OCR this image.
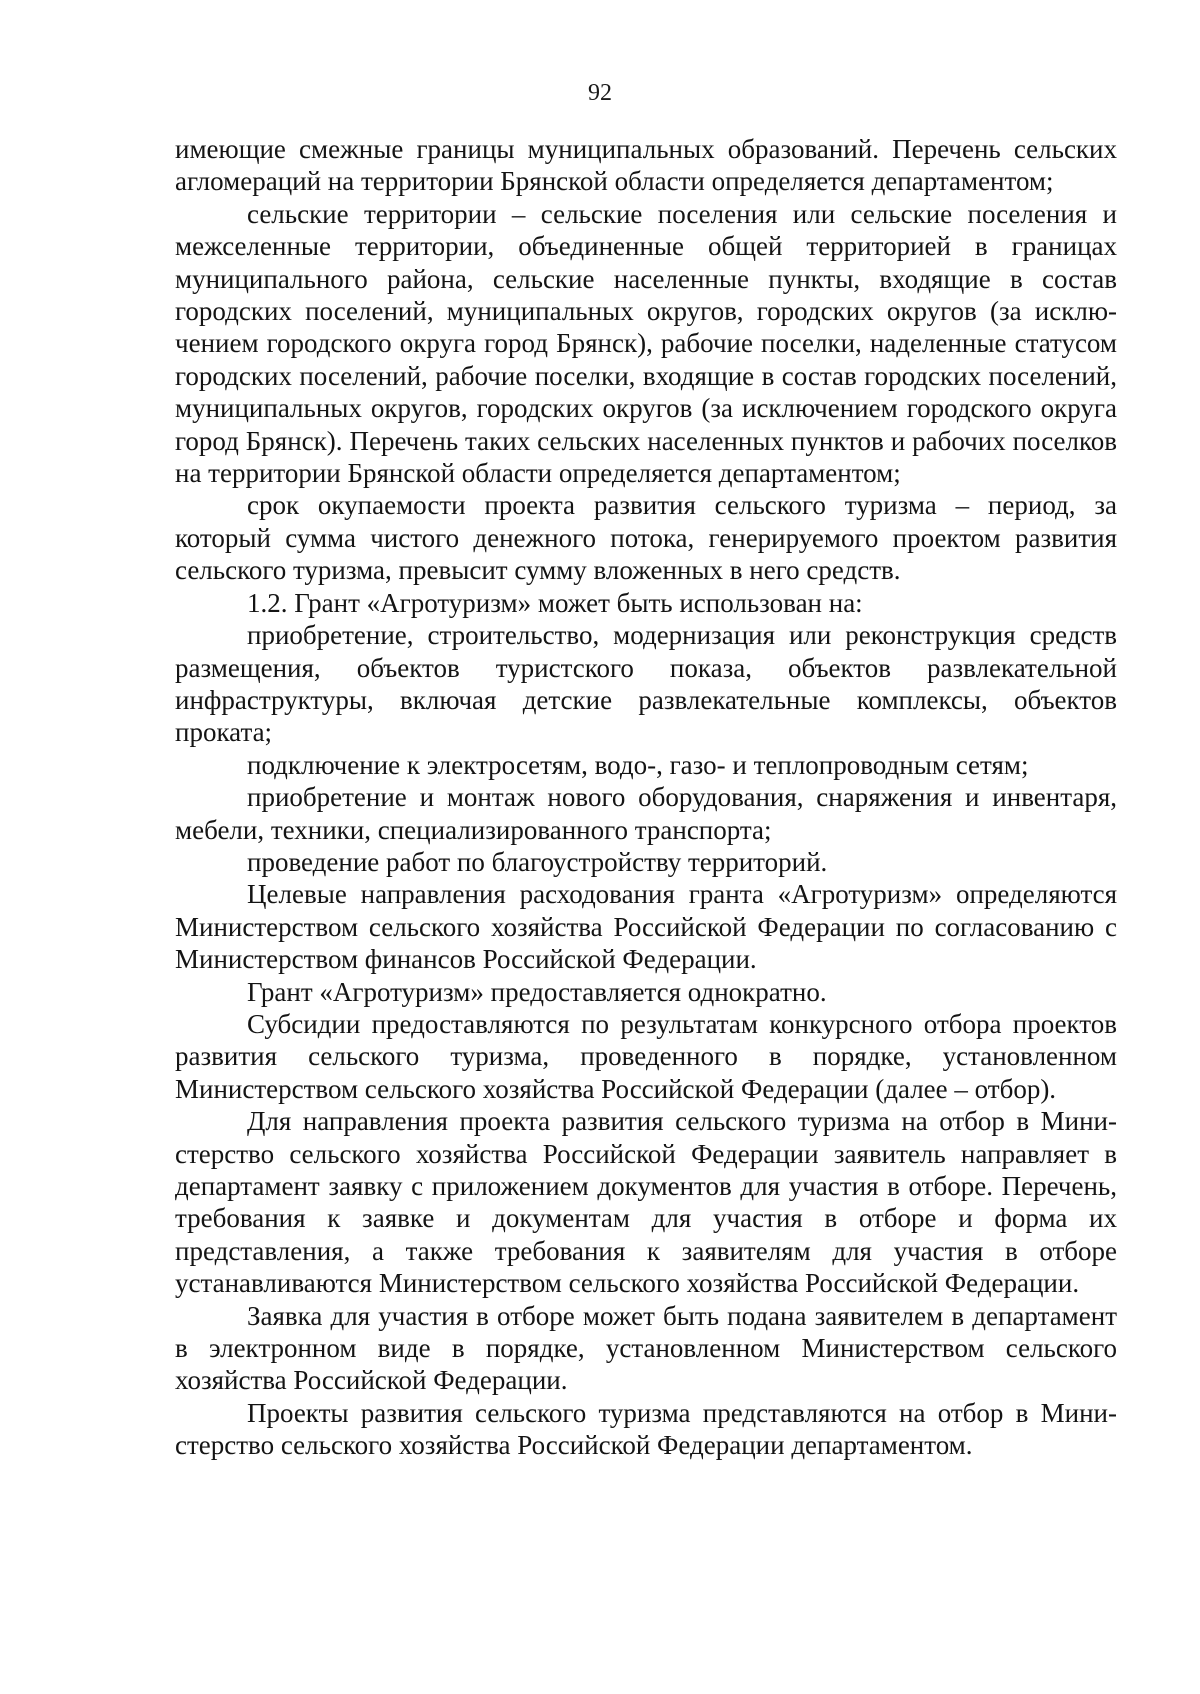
92

имеющие смежные границы муниципальных образований. Перечень сельских агломераций на территории Брянской области определяется департаментом;

сельские территории – сельские поселения или сельские поселения и межселенные территории, объединенные общей территорией в границах муниципального района, сельские населенные пункты, входящие в состав городских поселений, муниципальных округов, городских округов (за исключением городского округа город Брянск), рабочие поселки, наделенные статусом городских поселений, рабочие поселки, входящие в состав городских поселений, муниципальных округов, городских округов (за исключением городского округа город Брянск). Перечень таких сельских населенных пунктов и рабочих поселков на территории Брянской области определяется департаментом;

срок окупаемости проекта развития сельского туризма – период, за который сумма чистого денежного потока, генерируемого проектом развития сельского туризма, превысит сумму вложенных в него средств.

1.2. Грант «Агротуризм» может быть использован на:

приобретение, строительство, модернизация или реконструкция средств размещения, объектов туристского показа, объектов развлекательной инфраструктуры, включая детские развлекательные комплексы, объектов проката;

подключение к электросетям, водо-, газо- и теплопроводным сетям;

приобретение и монтаж нового оборудования, снаряжения и инвентаря, мебели, техники, специализированного транспорта;

проведение работ по благоустройству территорий.

Целевые направления расходования гранта «Агротуризм» определяются Министерством сельского хозяйства Российской Федерации по согласованию с Министерством финансов Российской Федерации.

Грант «Агротуризм» предоставляется однократно.

Субсидии предоставляются по результатам конкурсного отбора проектов развития сельского туризма, проведенного в порядке, установленном Министерством сельского хозяйства Российской Федерации (далее – отбор).

Для направления проекта развития сельского туризма на отбор в Министерство сельского хозяйства Российской Федерации заявитель направляет в департамент заявку с приложением документов для участия в отборе. Перечень, требования к заявке и документам для участия в отборе и форма их представления, а также требования к заявителям для участия в отборе устанавливаются Министерством сельского хозяйства Российской Федерации.

Заявка для участия в отборе может быть подана заявителем в департамент в электронном виде в порядке, установленном Министерством сельского хозяйства Российской Федерации.

Проекты развития сельского туризма представляются на отбор в Министерство сельского хозяйства Российской Федерации департаментом.
